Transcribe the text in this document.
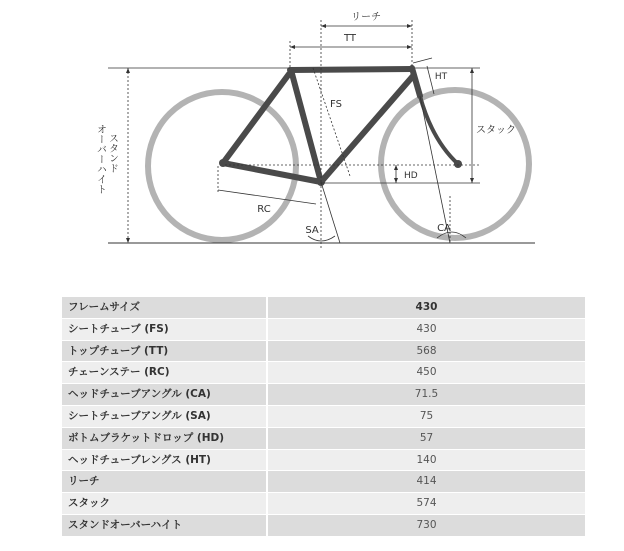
リーチ
TT
FS
HT
スタック
HD
RC
SA	CA
スタンド
オーバーハイト
フレームサイズ	430
シートチューブ (FS)	430
トップチューブ (TT)	568
チェーンステー (RC)	450
ヘッドチューブアングル (CA)	71.5
シートチューブアングル (SA)	75
ボトムブラケットドロップ (HD)	57
ヘッドチューブレングス (HT)	140
リーチ	414
スタック	574
スタンドオーバーハイト	730
